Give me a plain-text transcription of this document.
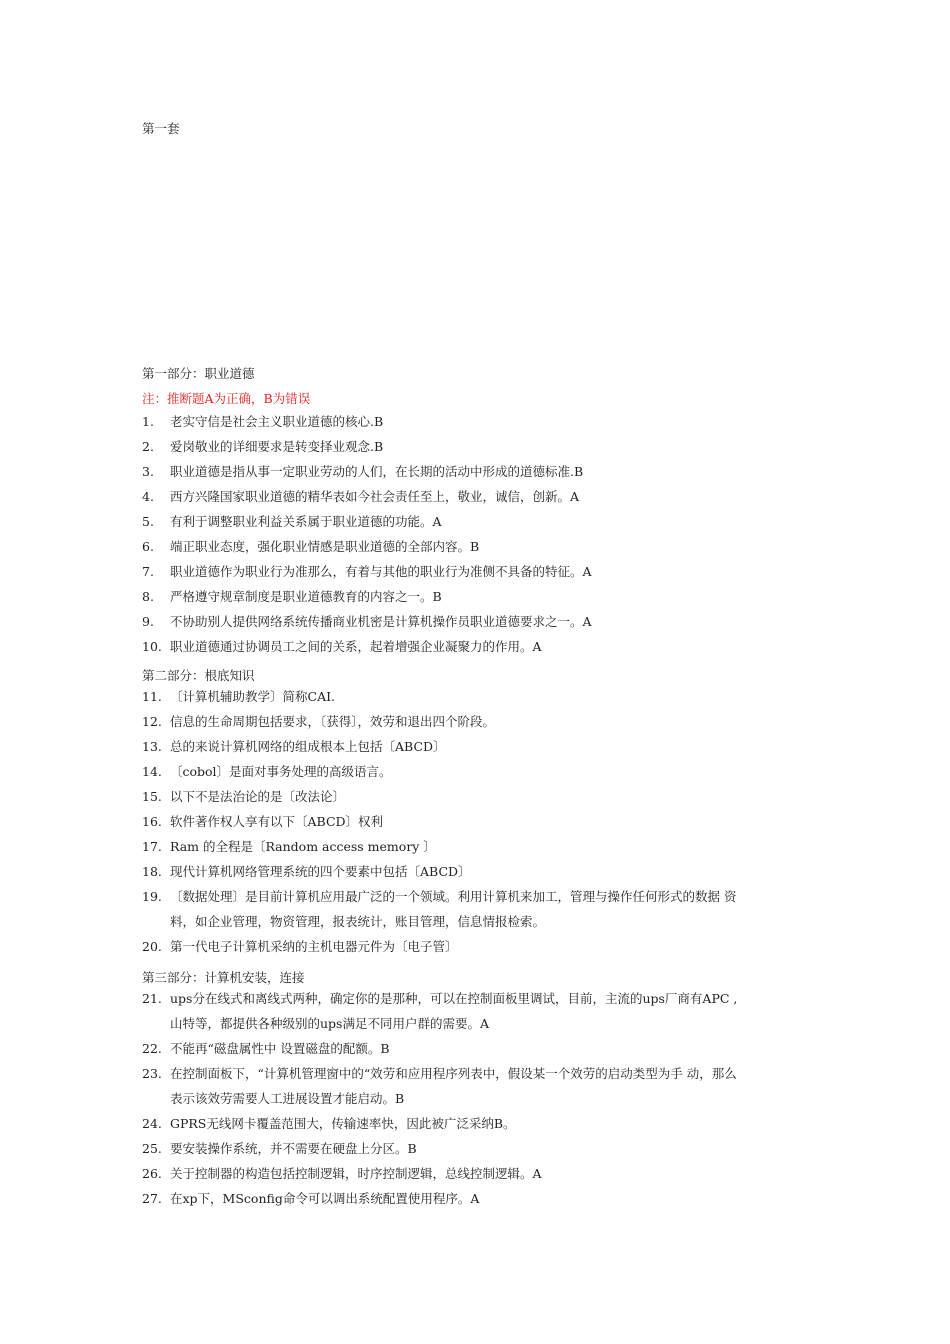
第一套
第一部分：职业道德
注：推断题A为正确，B为错误
1.	老实守信是社会主义职业道德的核心.B
2.	爱岗敬业的详细要求是转变择业观念.B
3.	职业道德是指从事一定职业劳动的人们，在长期的活动中形成的道德标准.B
4.	西方兴隆国家职业道德的精华表如今社会责任至上，敬业，诚信，创新。A
5.	有利于调整职业利益关系属于职业道德的功能。A
6.	端正职业态度，强化职业情感是职业道德的全部内容。B
7.	职业道德作为职业行为准那么，有着与其他的职业行为准侧不具备的特征。A
8.	严格遵守规章制度是职业道德教育的内容之一。B
9.	不协助别人提供网络系统传播商业机密是计算机操作员职业道德要求之一。A
10. 职业道德通过协调员工之间的关系，起着增强企业凝聚力的作用。A
11. 〔计算机辅助教学〕简称CAI.
12. 信息的生命周期包括要求，〔获得〕，效劳和退出四个阶段。
13. 总的来说计算机网络的组成根本上包括〔ABCD〕
14. 〔cobol〕是面对事务处理的高级语言。
15. 以下不是法治论的是〔改法论〕
16. 软件著作权人享有以下〔ABCD〕权利
17. Ram 的全程是〔Random access memory 〕
18. 现代计算机网络管理系统的四个要素中包括〔ABCD〕
19. 〔数据处理〕是目前计算机应用最广泛的一个领域。利用计算机来加工，管理与操作任何形式的数据 资
料，如企业管理，物资管理，报表统计，账目管理，信息情报检索。
20. 第一代电子计算机采纳的主机电器元件为〔电子管〕
21. ups分在线式和离线式两种，确定你的是那种，可以在控制面板里调试，目前，主流的ups厂商有APC ,
山特等，都提供各种级别的ups满足不同用户群的需要。A
22. 不能再“磁盘属性中 设置磁盘的配额。B
23. 在控制面板下，“计算机管理窗中的“效劳和应用程序列表中，假设某一个效劳的启动类型为手 动，那么
表示该效劳需要人工进展设置才能启动。B
24. GPRS无线网卡覆盖范围大，传输速率快，因此被广泛采纳B。
25. 要安装操作系统，并不需要在硬盘上分区。B
26. 关于控制器的构造包括控制逻辑，时序控制逻辑，总线控制逻辑。A
27. 在xp下，MSconfig命令可以调出系统配置使用程序。A
第二部分：根底知识
第三部分：计算机安装，连接
